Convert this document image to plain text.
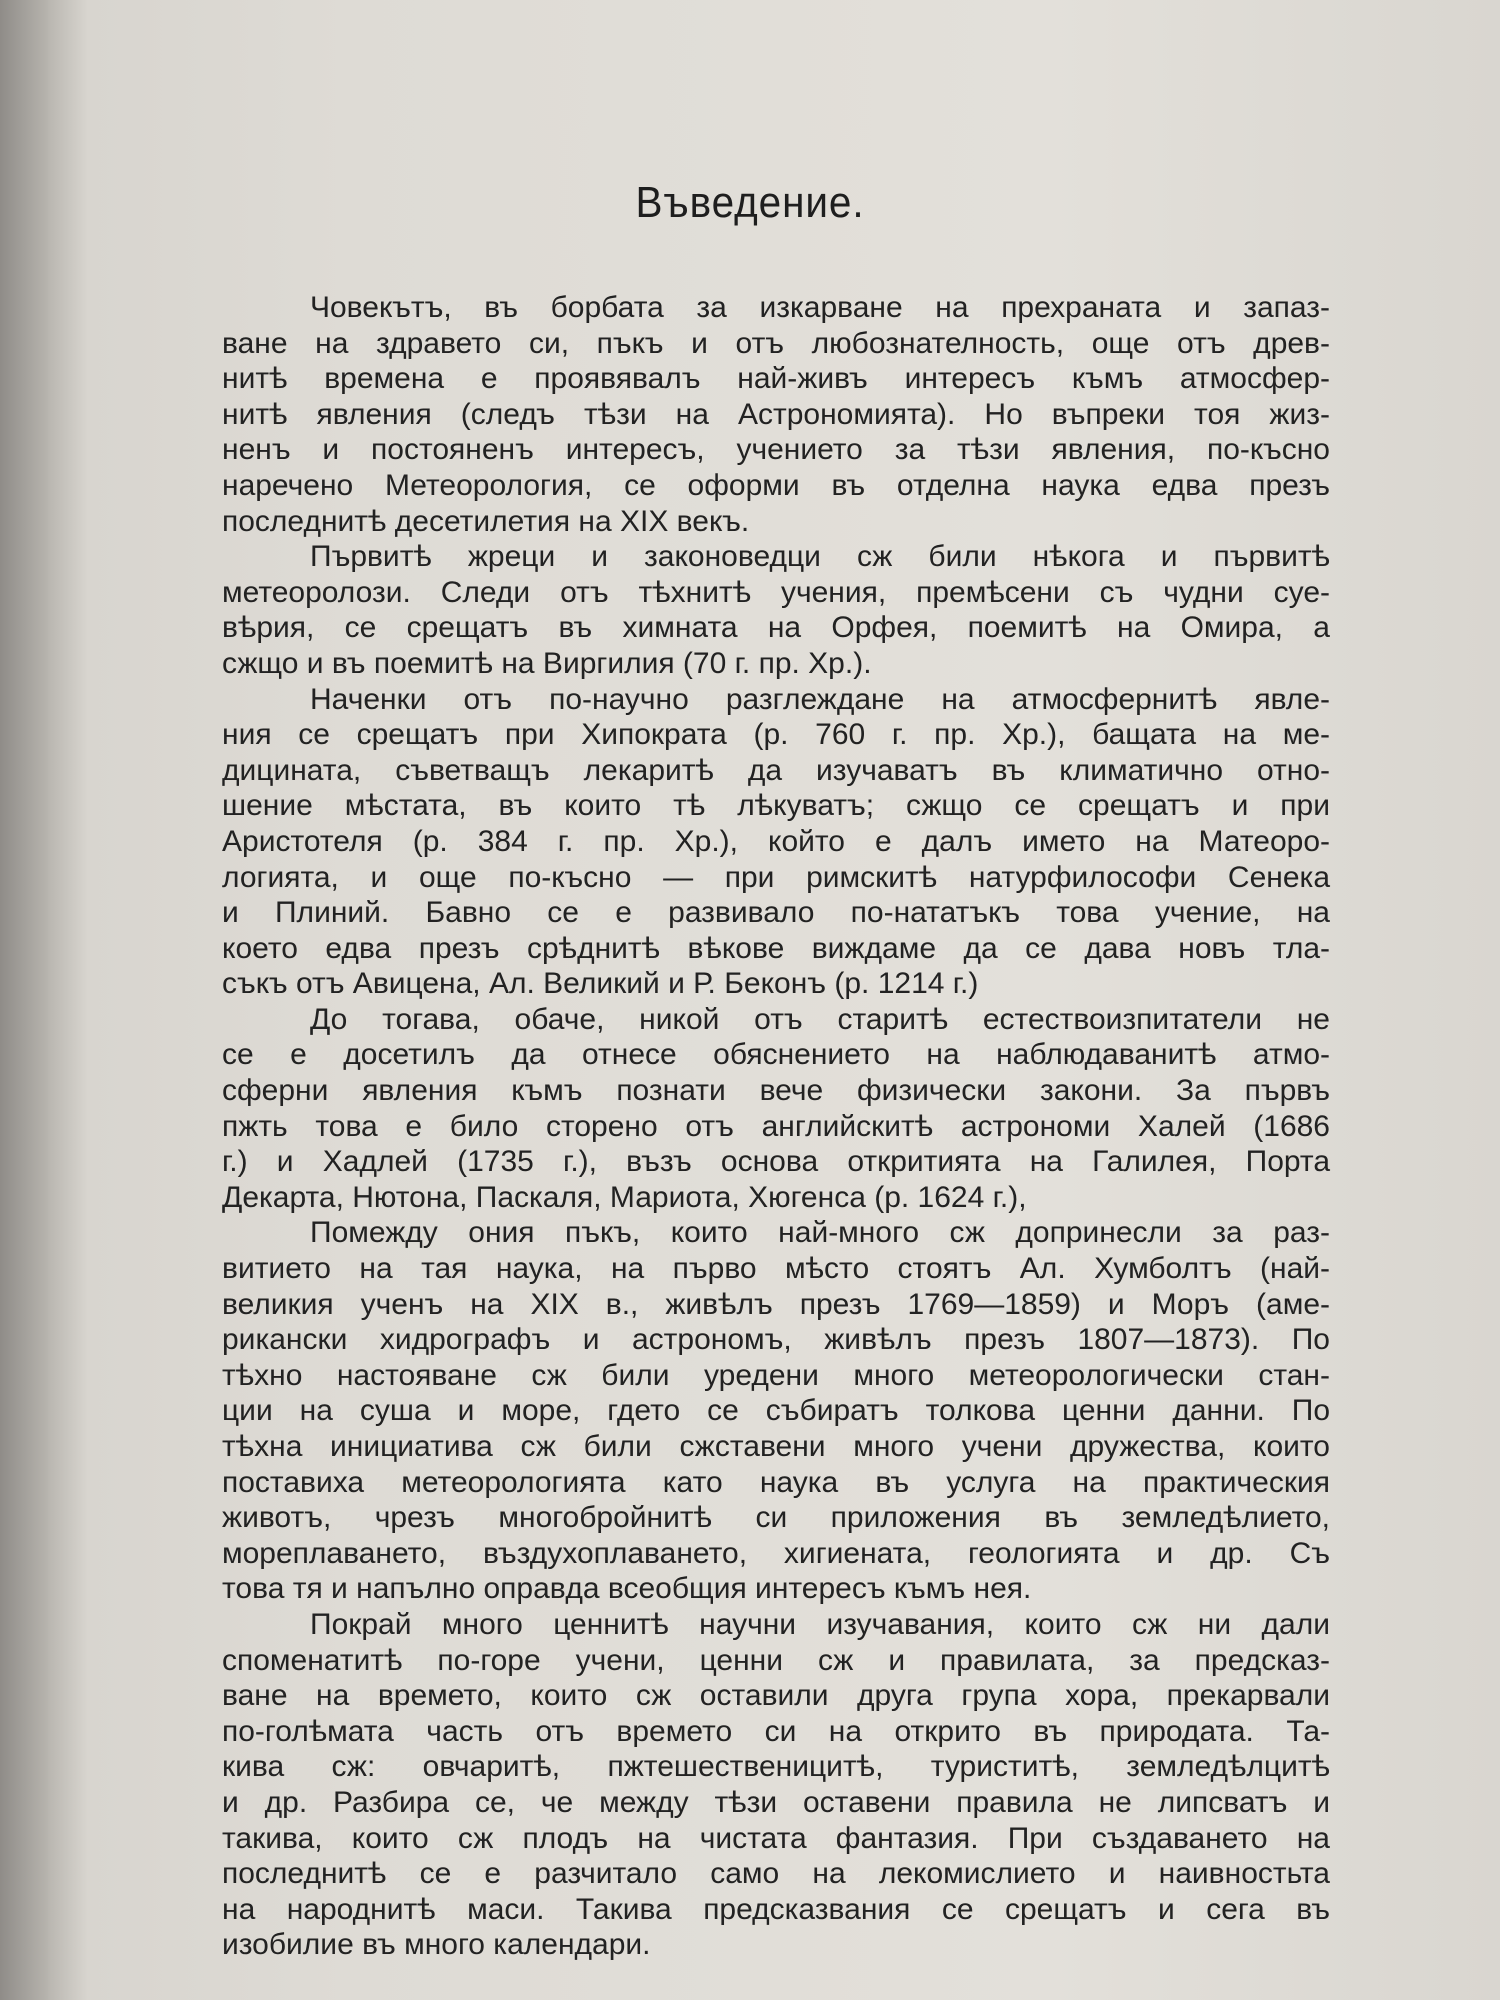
Въведение.
Човекътъ, въ борбата за изкарване на прехраната и запаз-
ване на здравето си, пъкъ и отъ любознателность, още отъ древ-
нитѣ времена е проявявалъ най-живъ интересъ къмъ атмосфер-
нитѣ явления (следъ тѣзи на Астрономията). Но въпреки тоя жиз-
ненъ и постояненъ интересъ, учението за тѣзи явления, по-късно
наречено Метеорология, се оформи въ отделна наука едва презъ
последнитѣ десетилетия на XIX векъ.
Първитѣ жреци и законоведци сж били нѣкога и първитѣ
метеоролози. Следи отъ тѣхнитѣ учения, премѣсени съ чудни суе-
вѣрия, се срещатъ въ химната на Орфея, поемитѣ на Омира, а
сжщо и въ поемитѣ на Виргилия (70 г. пр. Хр.).
Наченки отъ по-научно разглеждане на атмосфернитѣ явле-
ния се срещатъ при Хипократа (р. 760 г. пр. Хр.), бащата на ме-
дицината, съветващъ лекаритѣ да изучаватъ въ климатично отно-
шение мѣстата, въ които тѣ лѣкуватъ; сжщо се срещатъ и при
Аристотеля (р. 384 г. пр. Хр.), който е далъ името на Матеоро-
логията, и още по-късно — при римскитѣ натурфилософи Сенека
и Плиний. Бавно се е развивало по-нататъкъ това учение, на
което едва презъ срѣднитѣ вѣкове виждаме да се дава новъ тла-
съкъ отъ Авицена, Ал. Великий и Р. Беконъ (р. 1214 г.)
До тогава, обаче, никой отъ старитѣ естествоизпитатели не
се е досетилъ да отнесе обяснението на наблюдаванитѣ атмо-
сферни явления къмъ познати вече физически закони. За първъ
пжть това е било сторено отъ английскитѣ астрономи Халей (1686
г.) и Хадлей (1735 г.), възъ основа откритията на Галилея, Порта
Декарта, Нютона, Паскаля, Мариота, Хюгенса (р. 1624 г.),
Помежду ония пъкъ, които най-много сж допринесли за раз-
витието на тая наука, на първо мѣсто стоятъ Ал. Хумболтъ (най-
великия ученъ на XIX в., живѣлъ презъ 1769—1859) и Моръ (аме-
рикански хидрографъ и астрономъ, живѣлъ презъ 1807—1873). По
тѣхно настояване сж били уредени много метеорологически стан-
ции на суша и море, гдето се събиратъ толкова ценни данни. По
тѣхна инициатива сж били сжставени много учени дружества, които
поставиха метеорологията като наука въ услуга на практическия
животъ, чрезъ многобройнитѣ си приложения въ земледѣлието,
мореплаването, въздухоплаването, хигиената, геологията и др. Съ
това тя и напълно оправда всеобщия интересъ къмъ нея.
Покрай много ценнитѣ научни изучавания, които сж ни дали
споменатитѣ по-горе учени, ценни сж и правилата, за предсказ-
ване на времето, които сж оставили друга група хора, прекарвали
по-голѣмата часть отъ времето си на открито въ природата. Та-
кива сж: овчаритѣ, пжтешественицитѣ, туриститѣ, земледѣлцитѣ
и др. Разбира се, че между тѣзи оставени правила не липсватъ и
такива, които сж плодъ на чистата фантазия. При създаването на
последнитѣ се е разчитало само на лекомислието и наивностьта
на народнитѣ маси. Такива предсказвания се срещатъ и сега въ
изобилие въ много календари.
